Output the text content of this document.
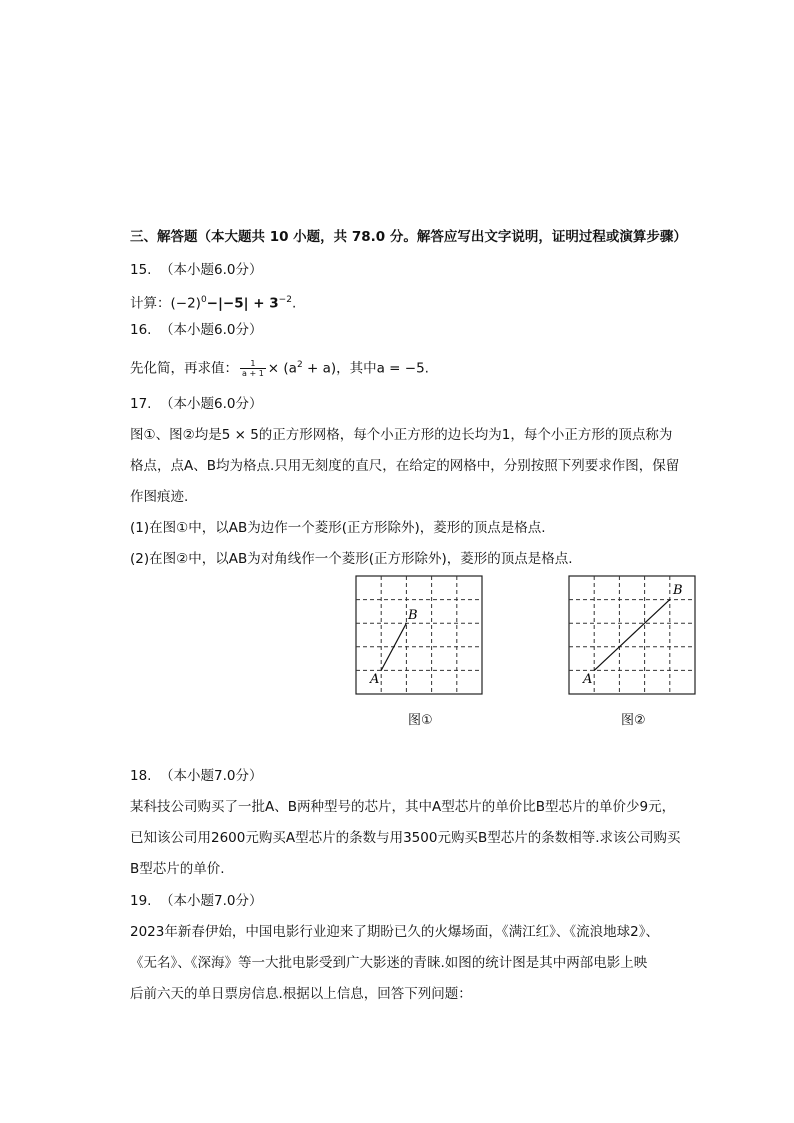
三、解答题（本大题共 10 小题，共 78.0 分。解答应写出文字说明，证明过程或演算步骤）
15.  （本小题6.0分）
计算：$(-2)^0-|-5| + 3^{-2}$.
16.  （本小题6.0分）
先化简，再求值： $\frac{1}{a + 1} \times (a^2 + a)$，其中a = −5.
17.  （本小题6.0分）
图①、图②均是5 × 5的正方形网格，每个小正方形的边长均为1，每个小正方形的顶点称为
格点，点A、B均为格点.只用无刻度的直尺，在给定的网格中，分别按照下列要求作图，保留
作图痕迹.
(1)在图①中，以AB为边作一个菱形(正方形除外)，菱形的顶点是格点.
(2)在图②中，以AB为对角线作一个菱形(正方形除外)，菱形的顶点是格点.
A
B
图①
A
B
图②
18.  （本小题7.0分）
某科技公司购买了一批A、B两种型号的芯片，其中A型芯片的单价比B型芯片的单价少9元，
已知该公司用2600元购买A型芯片的条数与用3500元购买B型芯片的条数相等.求该公司购买
B型芯片的单价.
19.  （本小题7.0分）
2023年新春伊始，中国电影行业迎来了期盼已久的火爆场面，《满江红》、《流浪地球2》、
《无名》、《深海》等一大批电影受到广大影迷的青睐.如图的统计图是其中两部电影上映
后前六天的单日票房信息.根据以上信息，回答下列问题：
